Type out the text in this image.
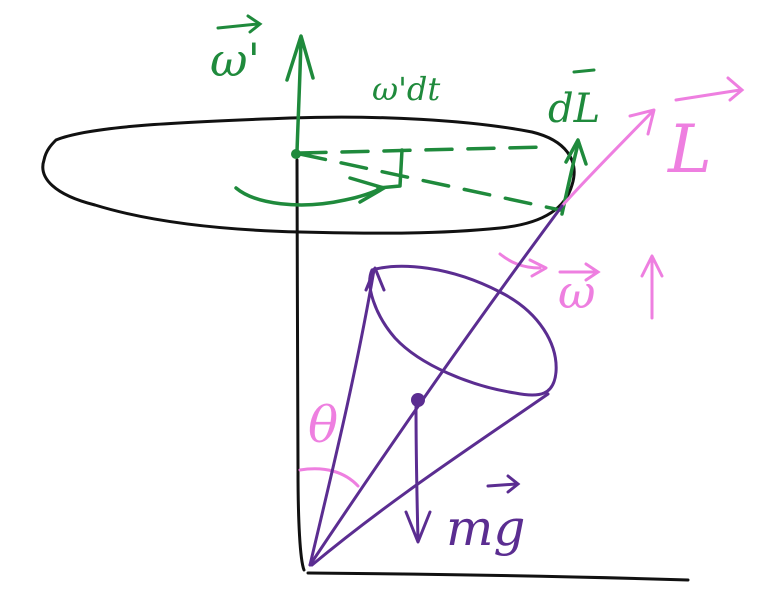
ω'
ω'dt	dL
L
ω
θ
mg
